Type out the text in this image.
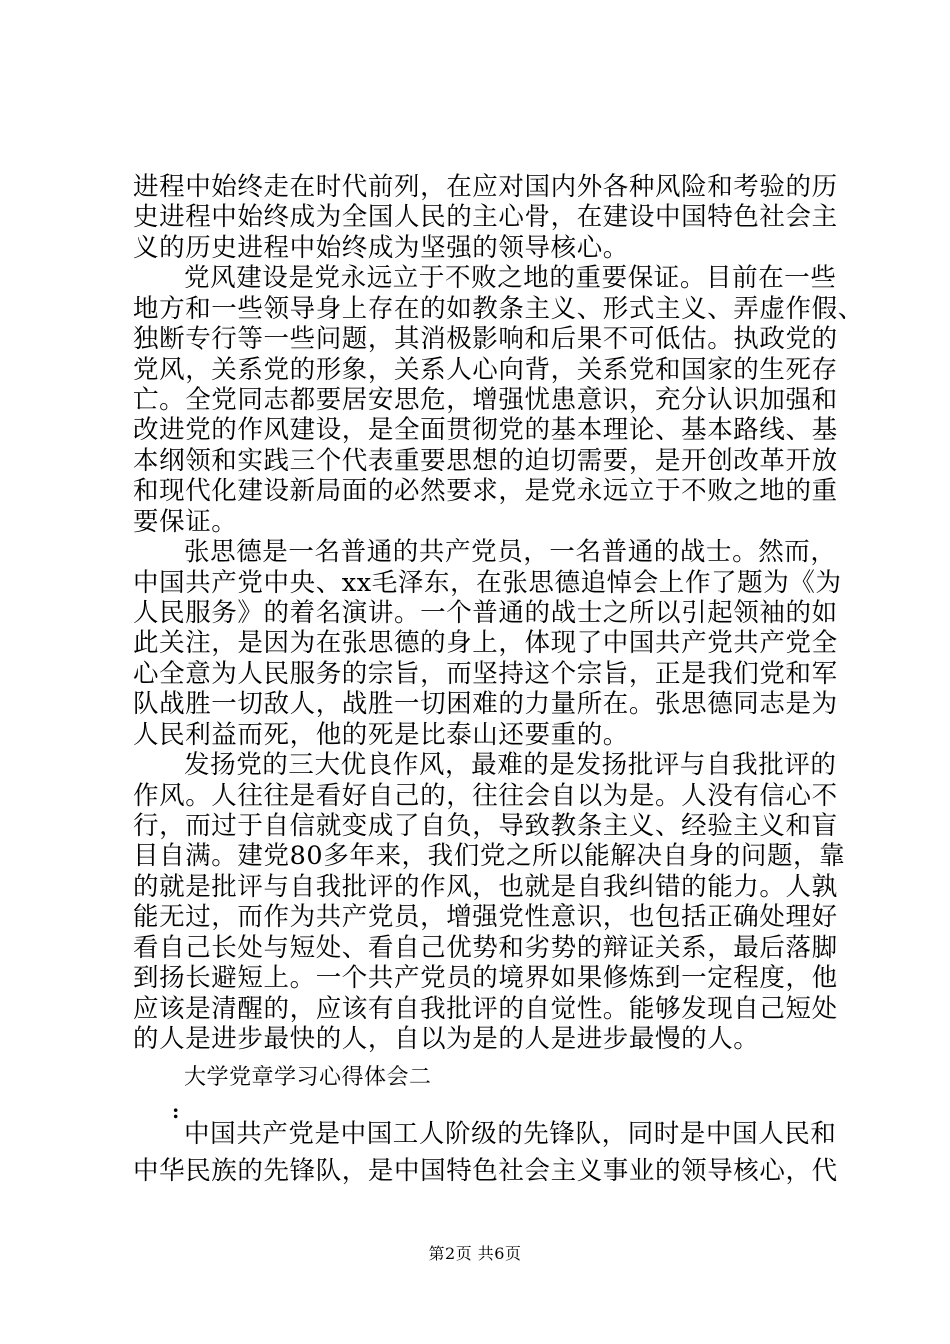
进程中始终走在时代前列，在应对国内外各种风险和考验的历
史进程中始终成为全国人民的主心骨，在建设中国特色社会主
义的历史进程中始终成为坚强的领导核心。
党风建设是党永远立于不败之地的重要保证。目前在一些
地方和一些领导身上存在的如教条主义、形式主义、弄虚作假、
独断专行等一些问题，其消极影响和后果不可低估。执政党的
党风，关系党的形象，关系人心向背，关系党和国家的生死存
亡。全党同志都要居安思危，增强忧患意识，充分认识加强和
改进党的作风建设，是全面贯彻党的基本理论、基本路线、基
本纲领和实践三个代表重要思想的迫切需要，是开创改革开放
和现代化建设新局面的必然要求，是党永远立于不败之地的重
要保证。
张思德是一名普通的共产党员，一名普通的战士。然而，
中国共产党中央、xx毛泽东，在张思德追悼会上作了题为《为
人民服务》的着名演讲。一个普通的战士之所以引起领袖的如
此关注，是因为在张思德的身上，体现了中国共产党共产党全
心全意为人民服务的宗旨，而坚持这个宗旨，正是我们党和军
队战胜一切敌人，战胜一切困难的力量所在。张思德同志是为
人民利益而死，他的死是比泰山还要重的。
发扬党的三大优良作风，最难的是发扬批评与自我批评的
作风。人往往是看好自己的，往往会自以为是。人没有信心不
行，而过于自信就变成了自负，导致教条主义、经验主义和盲
目自满。建党80多年来，我们党之所以能解决自身的问题，靠
的就是批评与自我批评的作风，也就是自我纠错的能力。人孰
能无过，而作为共产党员，增强党性意识，也包括正确处理好
看自己长处与短处、看自己优势和劣势的辩证关系，最后落脚
到扬长避短上。一个共产党员的境界如果修炼到一定程度，他
应该是清醒的，应该有自我批评的自觉性。能够发现自己短处
的人是进步最快的人，自以为是的人是进步最慢的人。
大学党章学习心得体会二
:
中国共产党是中国工人阶级的先锋队，同时是中国人民和
中华民族的先锋队，是中国特色社会主义事业的领导核心，代
第2页 共6页
